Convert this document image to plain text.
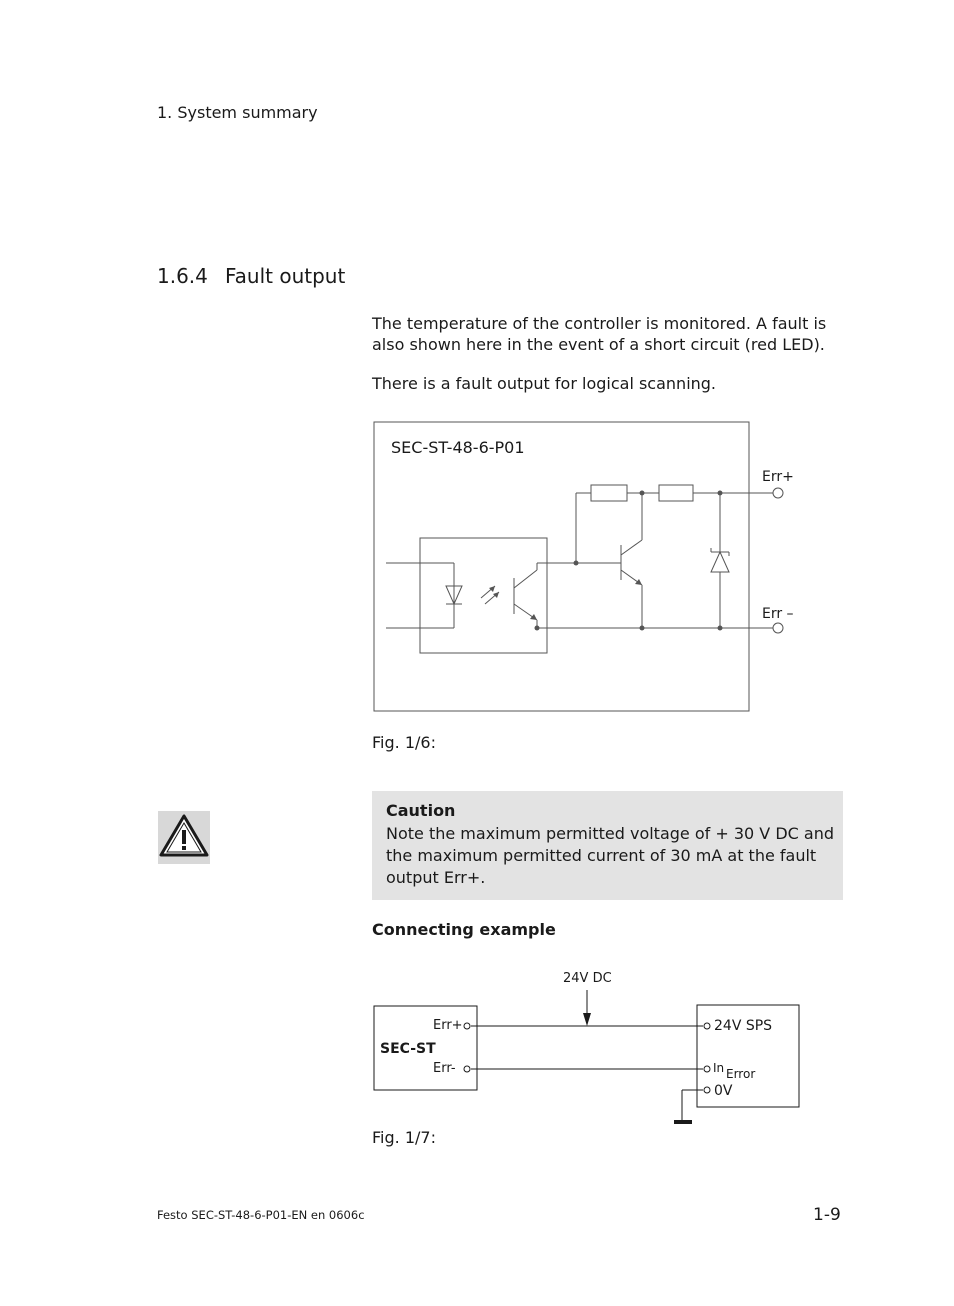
1. System summary
1.6.4 Fault output
The temperature of the controller is monitored. A fault is also shown here in the event of a short circuit (red LED).
There is a fault output for logical scanning.
SEC-ST-48-6-P01
Err+
Err –
Fig. 1/6:
Caution
Note the maximum permitted voltage of + 30 V DC and the maximum permitted current of 30 mA at the fault output Err+.
Connecting example
24V DC
SEC-ST
Err+
Err-
24V SPS
In Error
0V
Fig. 1/7:
Festo SEC-ST-48-6-P01-EN en 0606c	1-9
